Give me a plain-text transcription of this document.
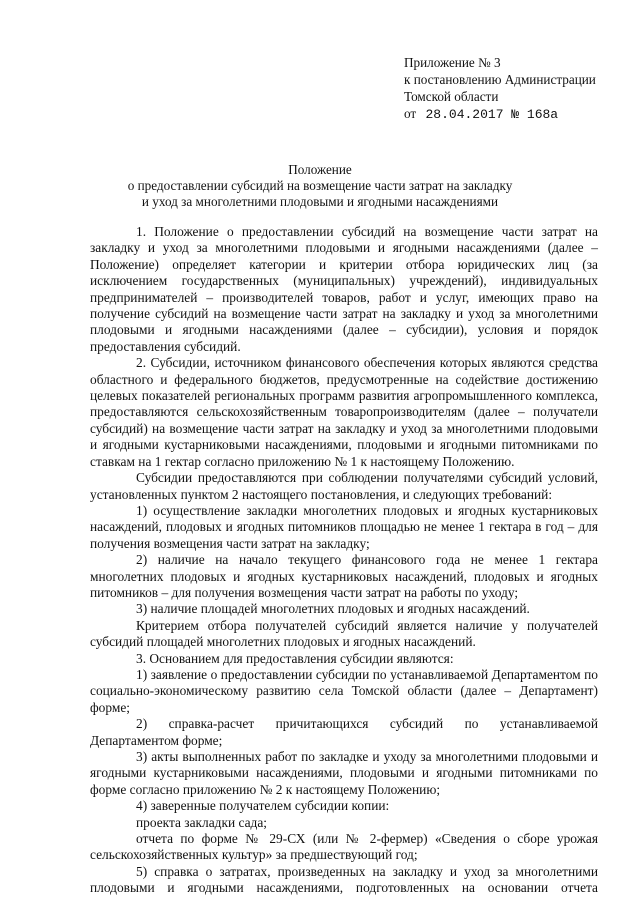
Приложение № 3
к постановлению Администрации
Томской области
от 28.04.2017 № 168а
Положение
о предоставлении субсидий на возмещение части затрат на закладку
и уход за многолетними плодовыми и ягодными насаждениями

1. Положение о предоставлении субсидий на возмещение части затрат на закладку и уход за многолетними плодовыми и ягодными насаждениями (далее – Положение) определяет категории и критерии отбора юридических лиц (за исключением государственных (муниципальных) учреждений), индивидуальных предпринимателей – производителей товаров, работ и услуг, имеющих право на получение субсидий на возмещение части затрат на закладку и уход за многолетними плодовыми и ягодными насаждениями (далее – субсидии), условия и порядок предоставления субсидий.

2. Субсидии, источником финансового обеспечения которых являются средства областного и федерального бюджетов, предусмотренные на содействие достижению целевых показателей региональных программ развития агропромышленного комплекса, предоставляются сельскохозяйственным товаропроизводителям (далее – получатели субсидий) на возмещение части затрат на закладку и уход за многолетними плодовыми и ягодными кустарниковыми насаждениями, плодовыми и ягодными питомниками по ставкам на 1 гектар согласно приложению № 1 к настоящему Положению.

Субсидии предоставляются при соблюдении получателями субсидий условий, установленных пунктом 2 настоящего постановления, и следующих требований:

1) осуществление закладки многолетних плодовых и ягодных кустарниковых насаждений, плодовых и ягодных питомников площадью не менее 1 гектара в год – для получения возмещения части затрат на закладку;

2) наличие на начало текущего финансового года не менее 1 гектара многолетних плодовых и ягодных кустарниковых насаждений, плодовых и ягодных питомников – для получения возмещения части затрат на работы по уходу;

3) наличие площадей многолетних плодовых и ягодных насаждений.

Критерием отбора получателей субсидий является наличие у получателей субсидий площадей многолетних плодовых и ягодных насаждений.

3. Основанием для предоставления субсидии являются:

1) заявление о предоставлении субсидии по устанавливаемой Департаментом по социально-экономическому развитию села Томской области (далее – Департамент) форме;

2) справка-расчет причитающихся субсидий по устанавливаемой Департаментом форме;

3) акты выполненных работ по закладке и уходу за многолетними плодовыми и ягодными кустарниковыми насаждениями, плодовыми и ягодными питомниками по форме согласно приложению № 2 к настоящему Положению;

4) заверенные получателем субсидии копии:

проекта закладки сада;

отчета по форме № 29-СХ (или № 2-фермер) «Сведения о сборе урожая сельскохозяйственных культур» за предшествующий год;

5) справка о затратах, произведенных на закладку и уход за многолетними плодовыми и ягодными насаждениями, подготовленных на основании отчета
